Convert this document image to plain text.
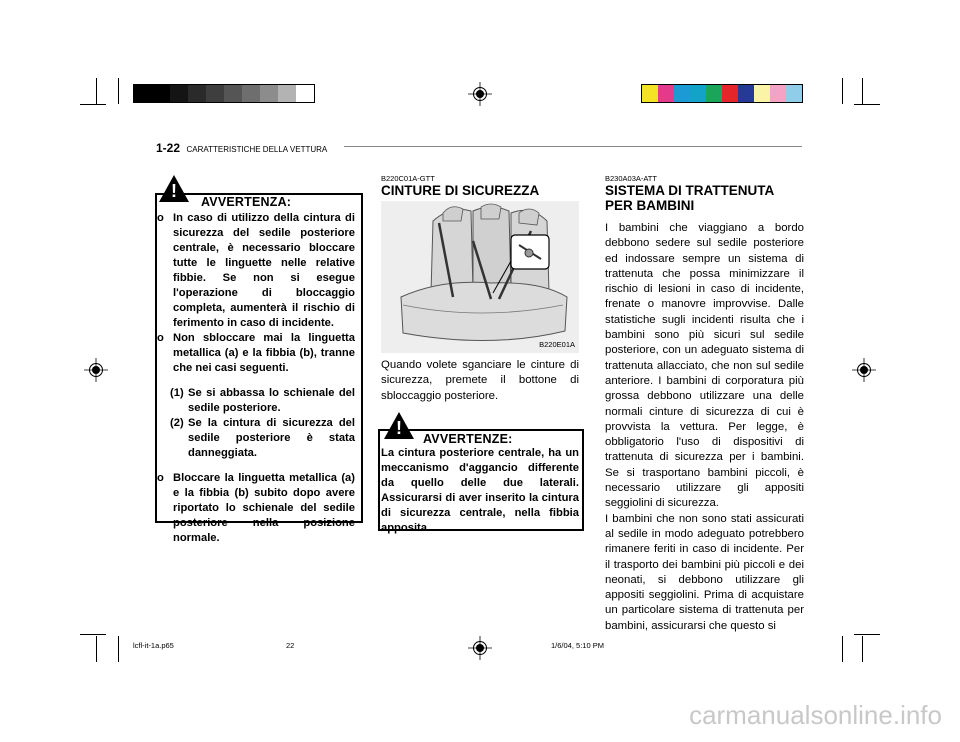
1-22 CARATTERISTICHE DELLA VETTURA
!
AVVERTENZA:

o In caso di utilizzo della cintura di sicurezza del sedile posteriore centrale, è necessario bloccare tutte le linguette nelle relative fibbie. Se non si esegue l'operazione di bloccaggio completa, aumenterà il rischio di ferimento in caso di incidente.

o Non sbloccare mai la linguetta metallica (a) e la fibbia (b), tranne che nei casi seguenti.

(1) Se si abbassa lo schienale del sedile posteriore.

(2) Se la cintura di sicurezza del sedile posteriore è stata danneggiata.

o Bloccare la linguetta metallica (a) e la fibbia (b) subito dopo avere riportato lo schienale del sedile posteriore nella posizione normale.

B220C01A-GTT
CINTURE DI SICUREZZA
B220E01A
Quando volete sganciare le cinture di sicurezza, premete il bottone di sbloccaggio posteriore.
!
AVVERTENZE:
La cintura posteriore centrale, ha un meccanismo d'aggancio differente da quello delle due laterali. Assicurarsi di aver inserito la cintura di sicurezza centrale, nella fibbia apposita.
B230A03A-ATT
SISTEMA DI TRATTENUTA PER BAMBINI
I bambini che viaggiano a bordo debbono sedere sul sedile posteriore ed indossare sempre un sistema di trattenuta che possa minimizzare il rischio di lesioni in caso di incidente, frenate o manovre improvvise. Dalle statistiche sugli incidenti risulta che i bambini sono più sicuri sul sedile posteriore, con un adeguato sistema di trattenuta allacciato, che non sul sedile anteriore. I bambini di corporatura più grossa debbono utilizzare una delle normali cinture di sicurezza di cui è provvista la vettura. Per legge, è obbligatorio l'uso di dispositivi di trattenuta di sicurezza per i bambini. Se si trasportano bambini piccoli, è necessario utilizzare gli appositi seggiolini di sicurezza.
I bambini che non sono stati assicurati al sedile in modo adeguato potrebbero rimanere feriti in caso di incidente. Per il trasporto dei bambini più piccoli e dei neonati, si debbono utilizzare gli appositi seggiolini. Prima di acquistare un particolare sistema di trattenuta per bambini, assicurarsi che questo si
lcfl-it-1a.p65	22	1/6/04, 5:10 PM
carmanualsonline.info
